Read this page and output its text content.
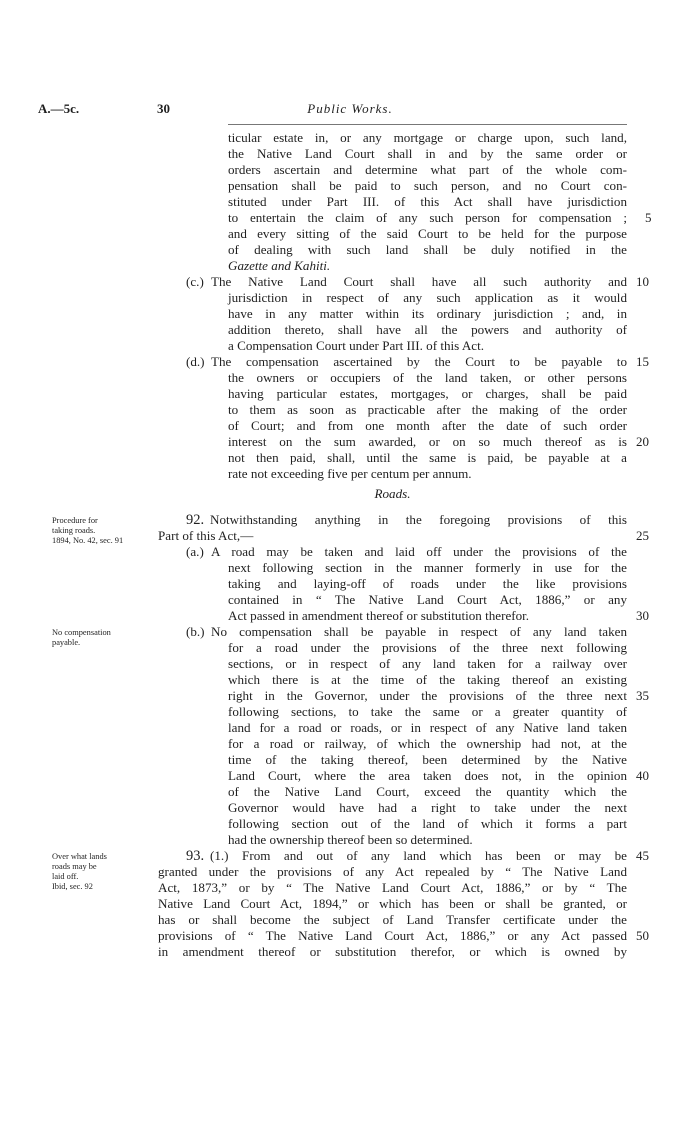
A.—5c.	30	Public Works.
ticular estate in, or any mortgage or charge upon, such land,
the Native Land Court shall in and by the same order or
orders ascertain and determine what part of the whole com-
pensation shall be paid to such person, and no Court con-
stituted under Part III. of this Act shall have jurisdiction
to entertain the claim of any such person for compensation ;
and every sitting of the said Court to be held for the purpose
of dealing with such land shall be duly notified in the
Gazette and Kahiti.
(c.) The Native Land Court shall have all such authority and
jurisdiction in respect of any such application as it would
have in any matter within its ordinary jurisdiction ; and, in
addition thereto, shall have all the powers and authority of
a Compensation Court under Part III. of this Act.
(d.) The compensation ascertained by the Court to be payable to
the owners or occupiers of the land taken, or other persons
having particular estates, mortgages, or charges, shall be paid
to them as soon as practicable after the making of the order
of Court; and from one month after the date of such order
interest on the sum awarded, or on so much thereof as is
not then paid, shall, until the same is paid, be payable at a
rate not exceeding five per centum per annum.
Roads.
Procedure for
taking roads.
1894, No. 42, sec. 91
92. Notwithstanding anything in the foregoing provisions of this
Part of this Act,—
(a.) A road may be taken and laid off under the provisions of the
next following section in the manner formerly in use for the
taking and laying-off of roads under the like provisions
contained in “ The Native Land Court Act, 1886,” or any
Act passed in amendment thereof or substitution therefor.
No compensation
payable.
(b.) No compensation shall be payable in respect of any land taken
for a road under the provisions of the three next following
sections, or in respect of any land taken for a railway over
which there is at the time of the taking thereof an existing
right in the Governor, under the provisions of the three next
following sections, to take the same or a greater quantity of
land for a road or roads, or in respect of any Native land taken
for a road or railway, of which the ownership had not, at the
time of the taking thereof, been determined by the Native
Land Court, where the area taken does not, in the opinion
of the Native Land Court, exceed the quantity which the
Governor would have had a right to take under the next
following section out of the land of which it forms a part
had the ownership thereof been so determined.
Over what lands
roads may be
laid off.
Ibid, sec. 92
93. (1.) From and out of any land which has been or may be
granted under the provisions of any Act repealed by “ The Native Land
Act, 1873,” or by “ The Native Land Court Act, 1886,” or by “ The
Native Land Court Act, 1894,” or which has been or shall be granted, or
has or shall become the subject of Land Transfer certificate under the
provisions of “ The Native Land Court Act, 1886,” or any Act passed
in amendment thereof or substitution therefor, or which is owned by
5
10
15
20
25
30
35
40
45
50
